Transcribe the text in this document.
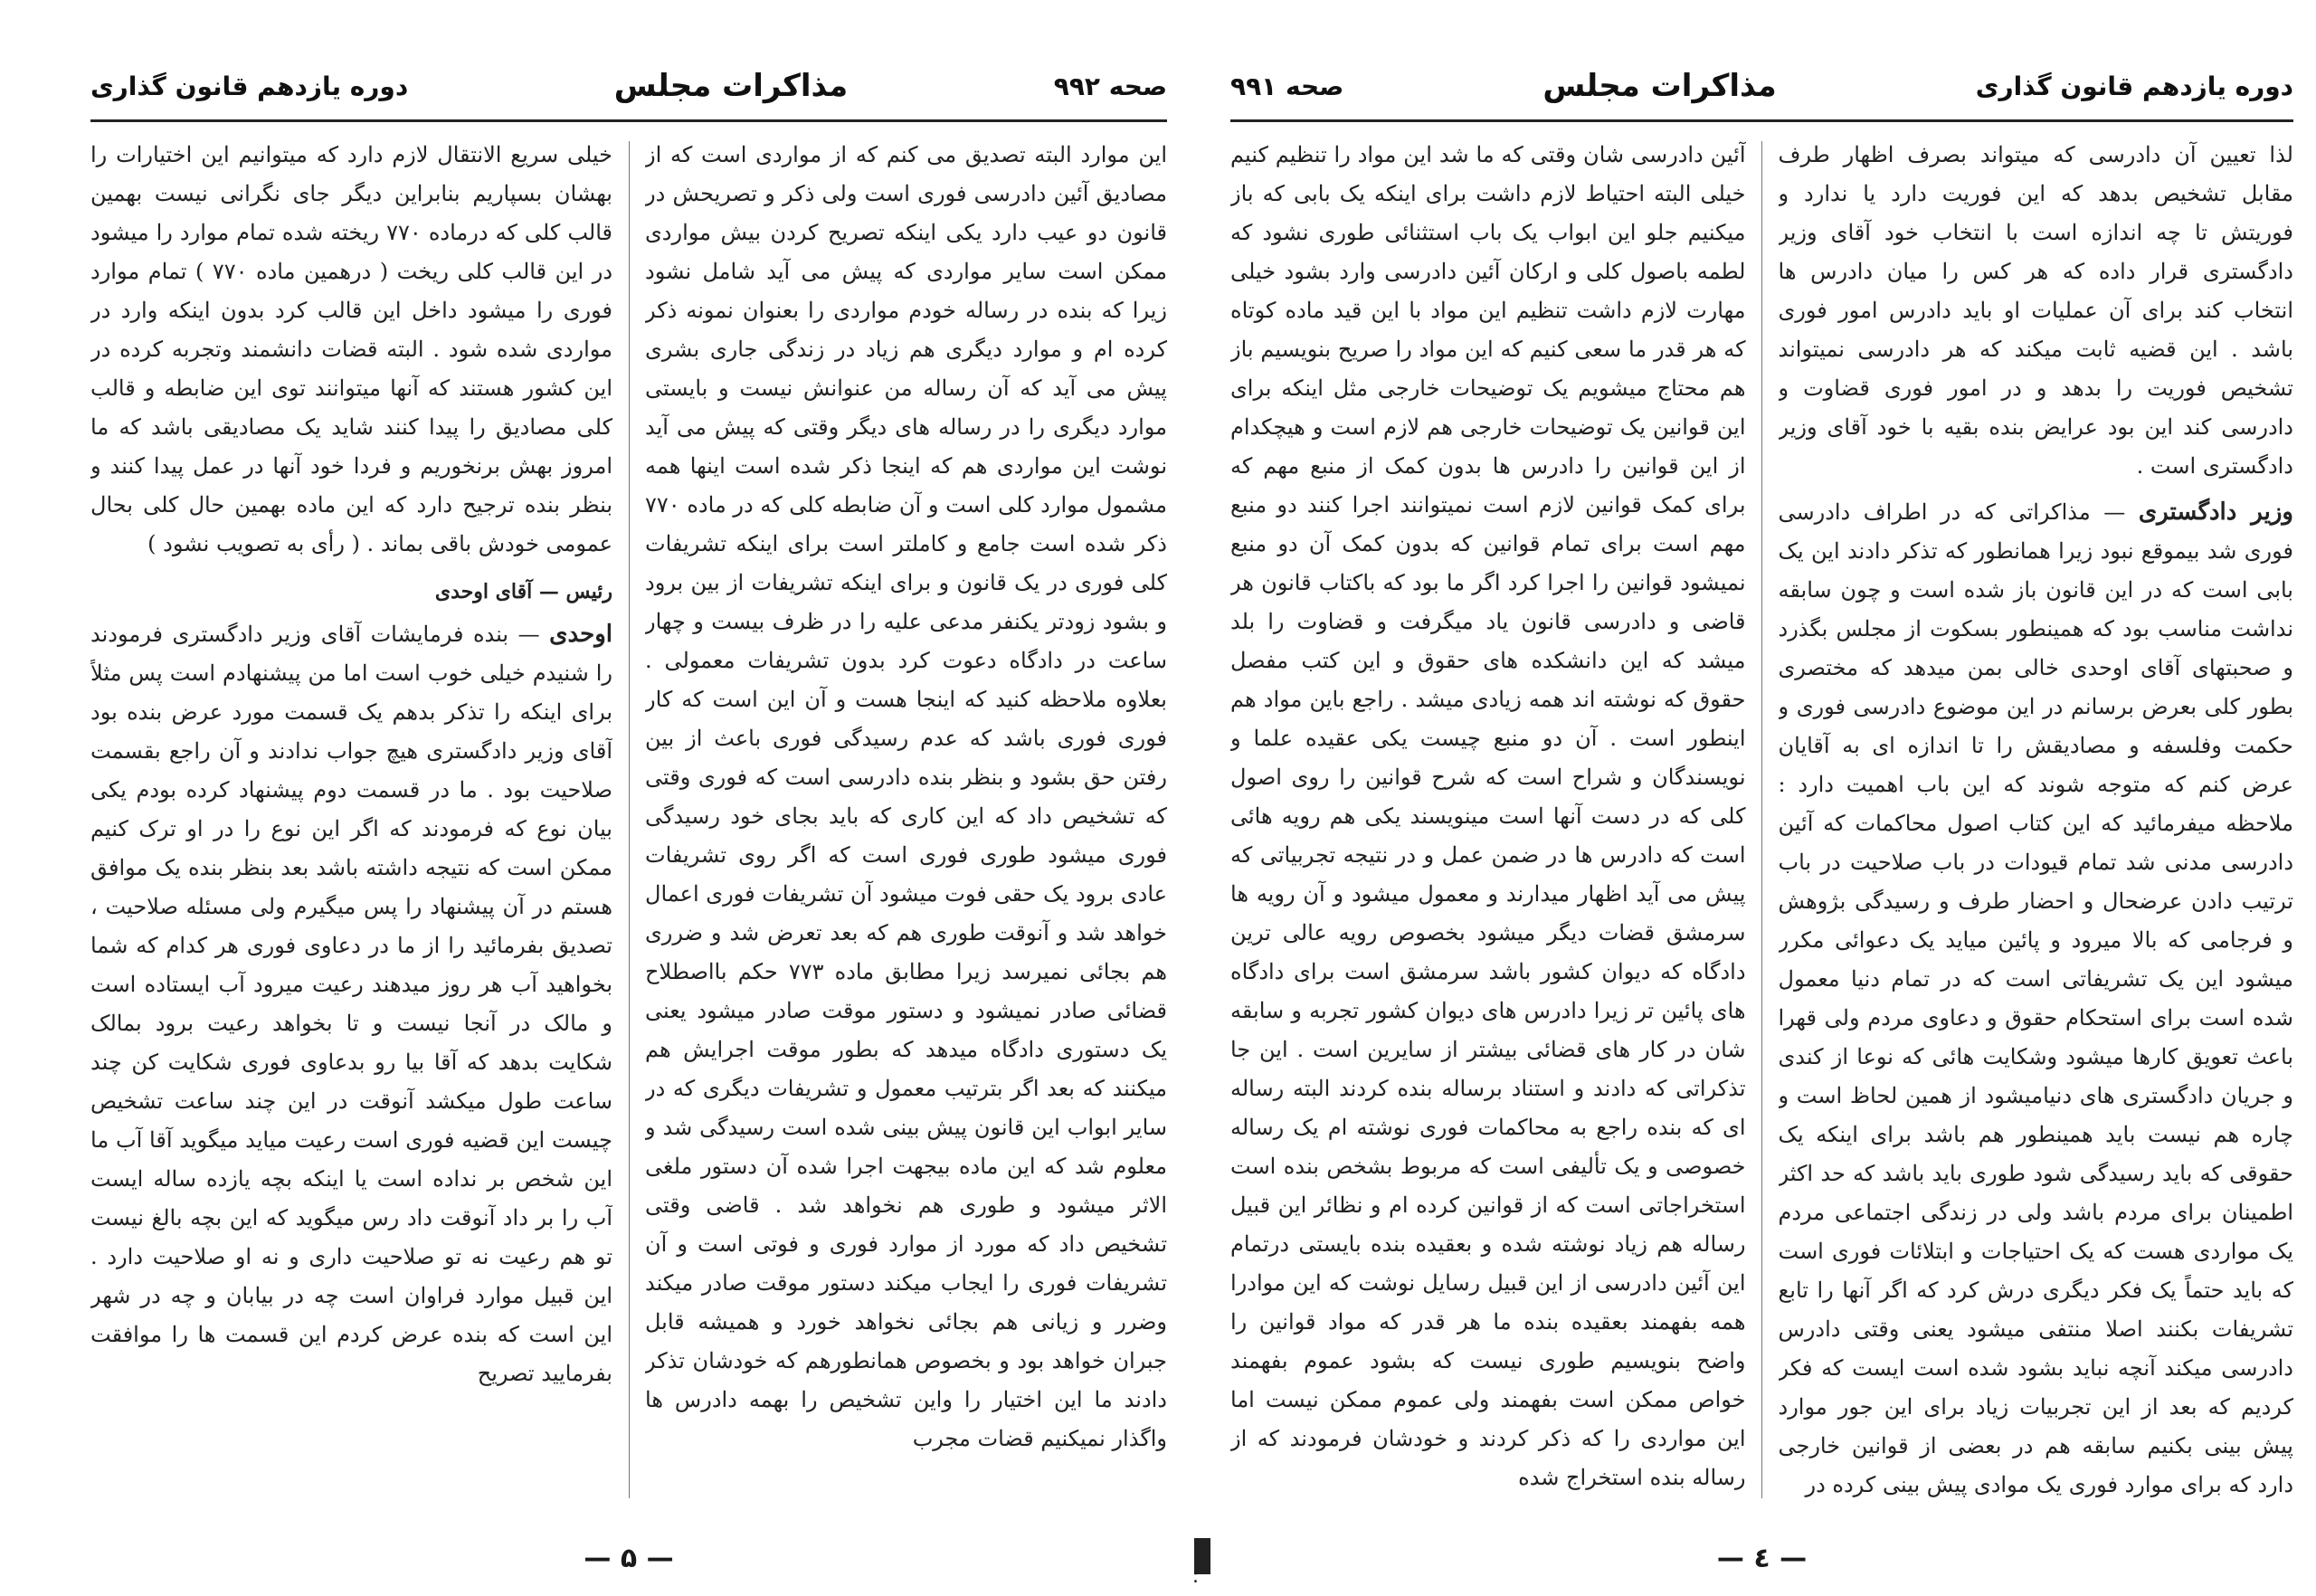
صحه ۹۹۲
مذاکرات مجلس
دوره یازدهم قانون گذاری

این موارد البته تصدیق می کنم که از مواردی است که از مصادیق آئین دادرسی فوری است ولی ذکر و تصریحش در قانون دو عیب دارد یکی اینکه تصریح کردن بیش مواردی ممکن است سایر مواردی که پیش می آید شامل نشود زیرا که بنده در رساله خودم مواردی را بعنوان نمونه ذکر کرده ام و موارد دیگری هم زیاد در زندگی جاری بشری پیش می آید که آن رساله من عنوانش نیست و بایستی موارد دیگری را در رساله های دیگر وقتی که پیش می آید نوشت این مواردی هم که اینجا ذکر شده است اینها همه مشمول موارد کلی است و آن ضابطه کلی که در ماده ۷۷۰ ذکر شده است جامع و کاملتر است برای اینکه تشریفات کلی فوری در یک قانون و برای اینکه تشریفات از بین برود و بشود زودتر یکنفر مدعی علیه را در ظرف بیست و چهار ساعت در دادگاه دعوت کرد بدون تشریفات معمولی . بعلاوه ملاحظه کنید که اینجا هست و آن این است که کار فوری فوری باشد که عدم رسیدگی فوری باعث از بین رفتن حق بشود و بنظر بنده دادرسی است که فوری وقتی که تشخیص داد که این کاری که باید بجای خود رسیدگی فوری میشود طوری فوری است که اگر روی تشریفات عادی برود یک حقی فوت میشود آن تشریفات فوری اعمال خواهد شد و آنوقت طوری هم که بعد تعرض شد و ضرری هم بجائی نمیرسد زیرا مطابق ماده ۷۷۳ حکم بااصطلاح قضائی صادر نمیشود و دستور موقت صادر میشود یعنی یک دستوری دادگاه میدهد که بطور موقت اجرایش هم میکنند که بعد اگر بترتیب معمول و تشریفات دیگری که در سایر ابواب این قانون پیش بینی شده است رسیدگی شد و معلوم شد که این ماده بیجهت اجرا شده آن دستور ملغی الاثر میشود و طوری هم نخواهد شد . قاضی وقتی تشخیص داد که مورد از موارد فوری و فوتی است و آن تشریفات فوری را ایجاب میکند دستور موقت صادر میکند وضرر و زیانی هم بجائی نخواهد خورد و همیشه قابل جبران خواهد بود و بخصوص همانطورهم که خودشان تذکر دادند ما این اختیار را واین تشخیص را بهمه دادرس ها واگذار نمیکنیم قضات مجرب

خیلی سریع الانتقال لازم دارد که میتوانیم این اختیارات را بهشان بسپاریم بنابراین دیگر جای نگرانی نیست بهمین قالب کلی که درماده ۷۷۰ ریخته شده تمام موارد را میشود در این قالب کلی ریخت ( درهمین ماده ۷۷۰ ) تمام موارد فوری را میشود داخل این قالب کرد بدون اینکه وارد در مواردی شده شود . البته قضات دانشمند وتجربه کرده در این کشور هستند که آنها میتوانند توی این ضابطه و قالب کلی مصادیق را پیدا کنند شاید یک مصادیقی باشد که ما امروز بهش برنخوریم و فردا خود آنها در عمل پیدا کنند و بنظر بنده ترجیح دارد که این ماده بهمین حال کلی بحال عمومی خودش باقی بماند . ( رأی به تصویب نشود )

رئیس — آقای اوحدی

اوحدی — بنده فرمایشات آقای وزیر دادگستری فرمودند را شنیدم خیلی خوب است اما من پیشنهادم است پس مثلاً برای اینکه را تذکر بدهم یک قسمت مورد عرض بنده بود آقای وزیر دادگستری هیچ جواب ندادند و آن راجع بقسمت صلاحیت بود . ما در قسمت دوم پیشنهاد کرده بودم یکی بیان نوع که فرمودند که اگر این نوع را در او ترک کنیم ممکن است که نتیجه داشته باشد بعد بنظر بنده یک موافق هستم در آن پیشنهاد را پس میگیرم ولی مسئله صلاحیت ، تصدیق بفرمائید را از ما در دعاوی فوری هر کدام که شما بخواهید آب هر روز میدهند رعیت میرود آب ایستاده است و مالک در آنجا نیست و تا بخواهد رعیت برود بمالک شکایت بدهد که آقا بیا رو بدعاوی فوری شکایت کن چند ساعت طول میکشد آنوقت در این چند ساعت تشخیص چیست این قضیه فوری است رعیت میاید میگوید آقا آب ما این شخص بر نداده است یا اینکه بچه یازده ساله ایست آب را بر داد آنوقت داد رس میگوید که این بچه بالغ نیست تو هم رعیت نه تو صلاحیت داری و نه او صلاحیت دارد . این قبیل موارد فراوان است چه در بیابان و چه در شهر این است که بنده عرض کردم این قسمت ها را موافقت بفرمایید تصریح

— ۵ —
دوره یازدهم قانون گذاری
مذاکرات مجلس
صحه ۹۹۱

لذا تعیین آن دادرسی که میتواند بصرف اظهار طرف مقابل تشخیص بدهد که این فوریت دارد یا ندارد و فوریتش تا چه اندازه است با انتخاب خود آقای وزیر دادگستری قرار داده که هر کس را میان دادرس ها انتخاب کند برای آن عملیات او باید دادرس امور فوری باشد . این قضیه ثابت میکند که هر دادرسی نمیتواند تشخیص فوریت را بدهد و در امور فوری قضاوت و دادرسی کند این بود عرایض بنده بقیه با خود آقای وزیر دادگستری است .

وزیر دادگستری — مذاکراتی که در اطراف دادرسی فوری شد بیموقع نبود زیرا همانطور که تذکر دادند این یک بابی است که در این قانون باز شده است و چون سابقه نداشت مناسب بود که همینطور بسکوت از مجلس بگذرد و صحبتهای آقای اوحدی خالی بمن میدهد که مختصری بطور کلی بعرض برسانم در این موضوع دادرسی فوری و حکمت وفلسفه و مصادیقش را تا اندازه ای به آقایان عرض کنم که متوجه شوند که این باب اهمیت دارد : ملاحظه میفرمائید که این کتاب اصول محاکمات که آئین دادرسی مدنی شد تمام قیودات در باب صلاحیت در باب ترتیب دادن عرضحال و احضار طرف و رسیدگی بژوهش و فرجامی که بالا میرود و پائین میاید یک دعوائی مکرر میشود این یک تشریفاتی است که در تمام دنیا معمول شده است برای استحکام حقوق و دعاوی مردم ولی قهرا باعث تعویق کارها میشود وشکایت هائی که نوعا از کندی و جریان دادگستری های دنیامیشود از همین لحاظ است و چاره هم نیست باید همینطور هم باشد برای اینکه یک حقوقی که باید رسیدگی شود طوری باید باشد که حد اکثر اطمینان برای مردم باشد ولی در زندگی اجتماعی مردم یک مواردی هست که یک احتیاجات و ابتلائات فوری است که باید حتماً یک فکر دیگری درش کرد که اگر آنها را تابع تشریفات بکنند اصلا منتفی میشود یعنی وقتی دادرس دادرسی میکند آنچه نباید بشود شده است ایست که فکر کردیم که بعد از این تجربیات زیاد برای این جور موارد پیش بینی بکنیم سابقه هم در بعضی از قوانین خارجی دارد که برای موارد فوری یک موادی پیش بینی کرده در

آئین دادرسی شان وقتی که ما شد این مواد را تنظیم کنیم خیلی البته احتیاط لازم داشت برای اینکه یک بابی که باز میکنیم جلو این ابواب یک باب استثنائی طوری نشود که لطمه باصول کلی و ارکان آئین دادرسی وارد بشود خیلی مهارت لازم داشت تنظیم این مواد با این قید ماده کوتاه که هر قدر ما سعی کنیم که این مواد را صریح بنویسیم باز هم محتاج میشویم یک توضیحات خارجی مثل اینکه برای این قوانین یک توضیحات خارجی هم لازم است و هیچکدام از این قوانین را دادرس ها بدون کمک از منبع مهم که برای کمک قوانین لازم است نمیتوانند اجرا کنند دو منبع مهم است برای تمام قوانین که بدون کمک آن دو منبع نمیشود قوانین را اجرا کرد اگر ما بود که باکتاب قانون هر قاضی و دادرسی قانون یاد میگرفت و قضاوت را بلد میشد که این دانشکده های حقوق و این کتب مفصل حقوق که نوشته اند همه زیادی میشد . راجع باین مواد هم اینطور است . آن دو منبع چیست یکی عقیده علما و نویسندگان و شراح است که شرح قوانین را روی اصول کلی که در دست آنها است مینویسند یکی هم رویه هائی است که دادرس ها در ضمن عمل و در نتیجه تجربیاتی که پیش می آید اظهار میدارند و معمول میشود و آن رویه ها سرمشق قضات دیگر میشود بخصوص رویه عالی ترین دادگاه که دیوان کشور باشد سرمشق است برای دادگاه های پائین تر زیرا دادرس های دیوان کشور تجربه و سابقه شان در کار های قضائی بیشتر از سایرین است . این جا تذکراتی که دادند و استناد برساله بنده کردند البته رساله ای که بنده راجع به محاکمات فوری نوشته ام یک رساله خصوصی و یک تألیفی است که مربوط بشخص بنده است استخراجاتی است که از قوانین کرده ام و نظائر این قبیل رساله هم زیاد نوشته شده و بعقیده بنده بایستی درتمام این آئین دادرسی از این قبیل رسایل نوشت که این موادرا همه بفهمند بعقیده بنده ما هر قدر که مواد قوانین را واضح بنویسیم طوری نیست که بشود عموم بفهمند خواص ممکن است بفهمند ولی عموم ممکن نیست اما این مواردی را که ذکر کردند و خودشان فرمودند که از رساله بنده استخراج شده

— ٤ —
؛
